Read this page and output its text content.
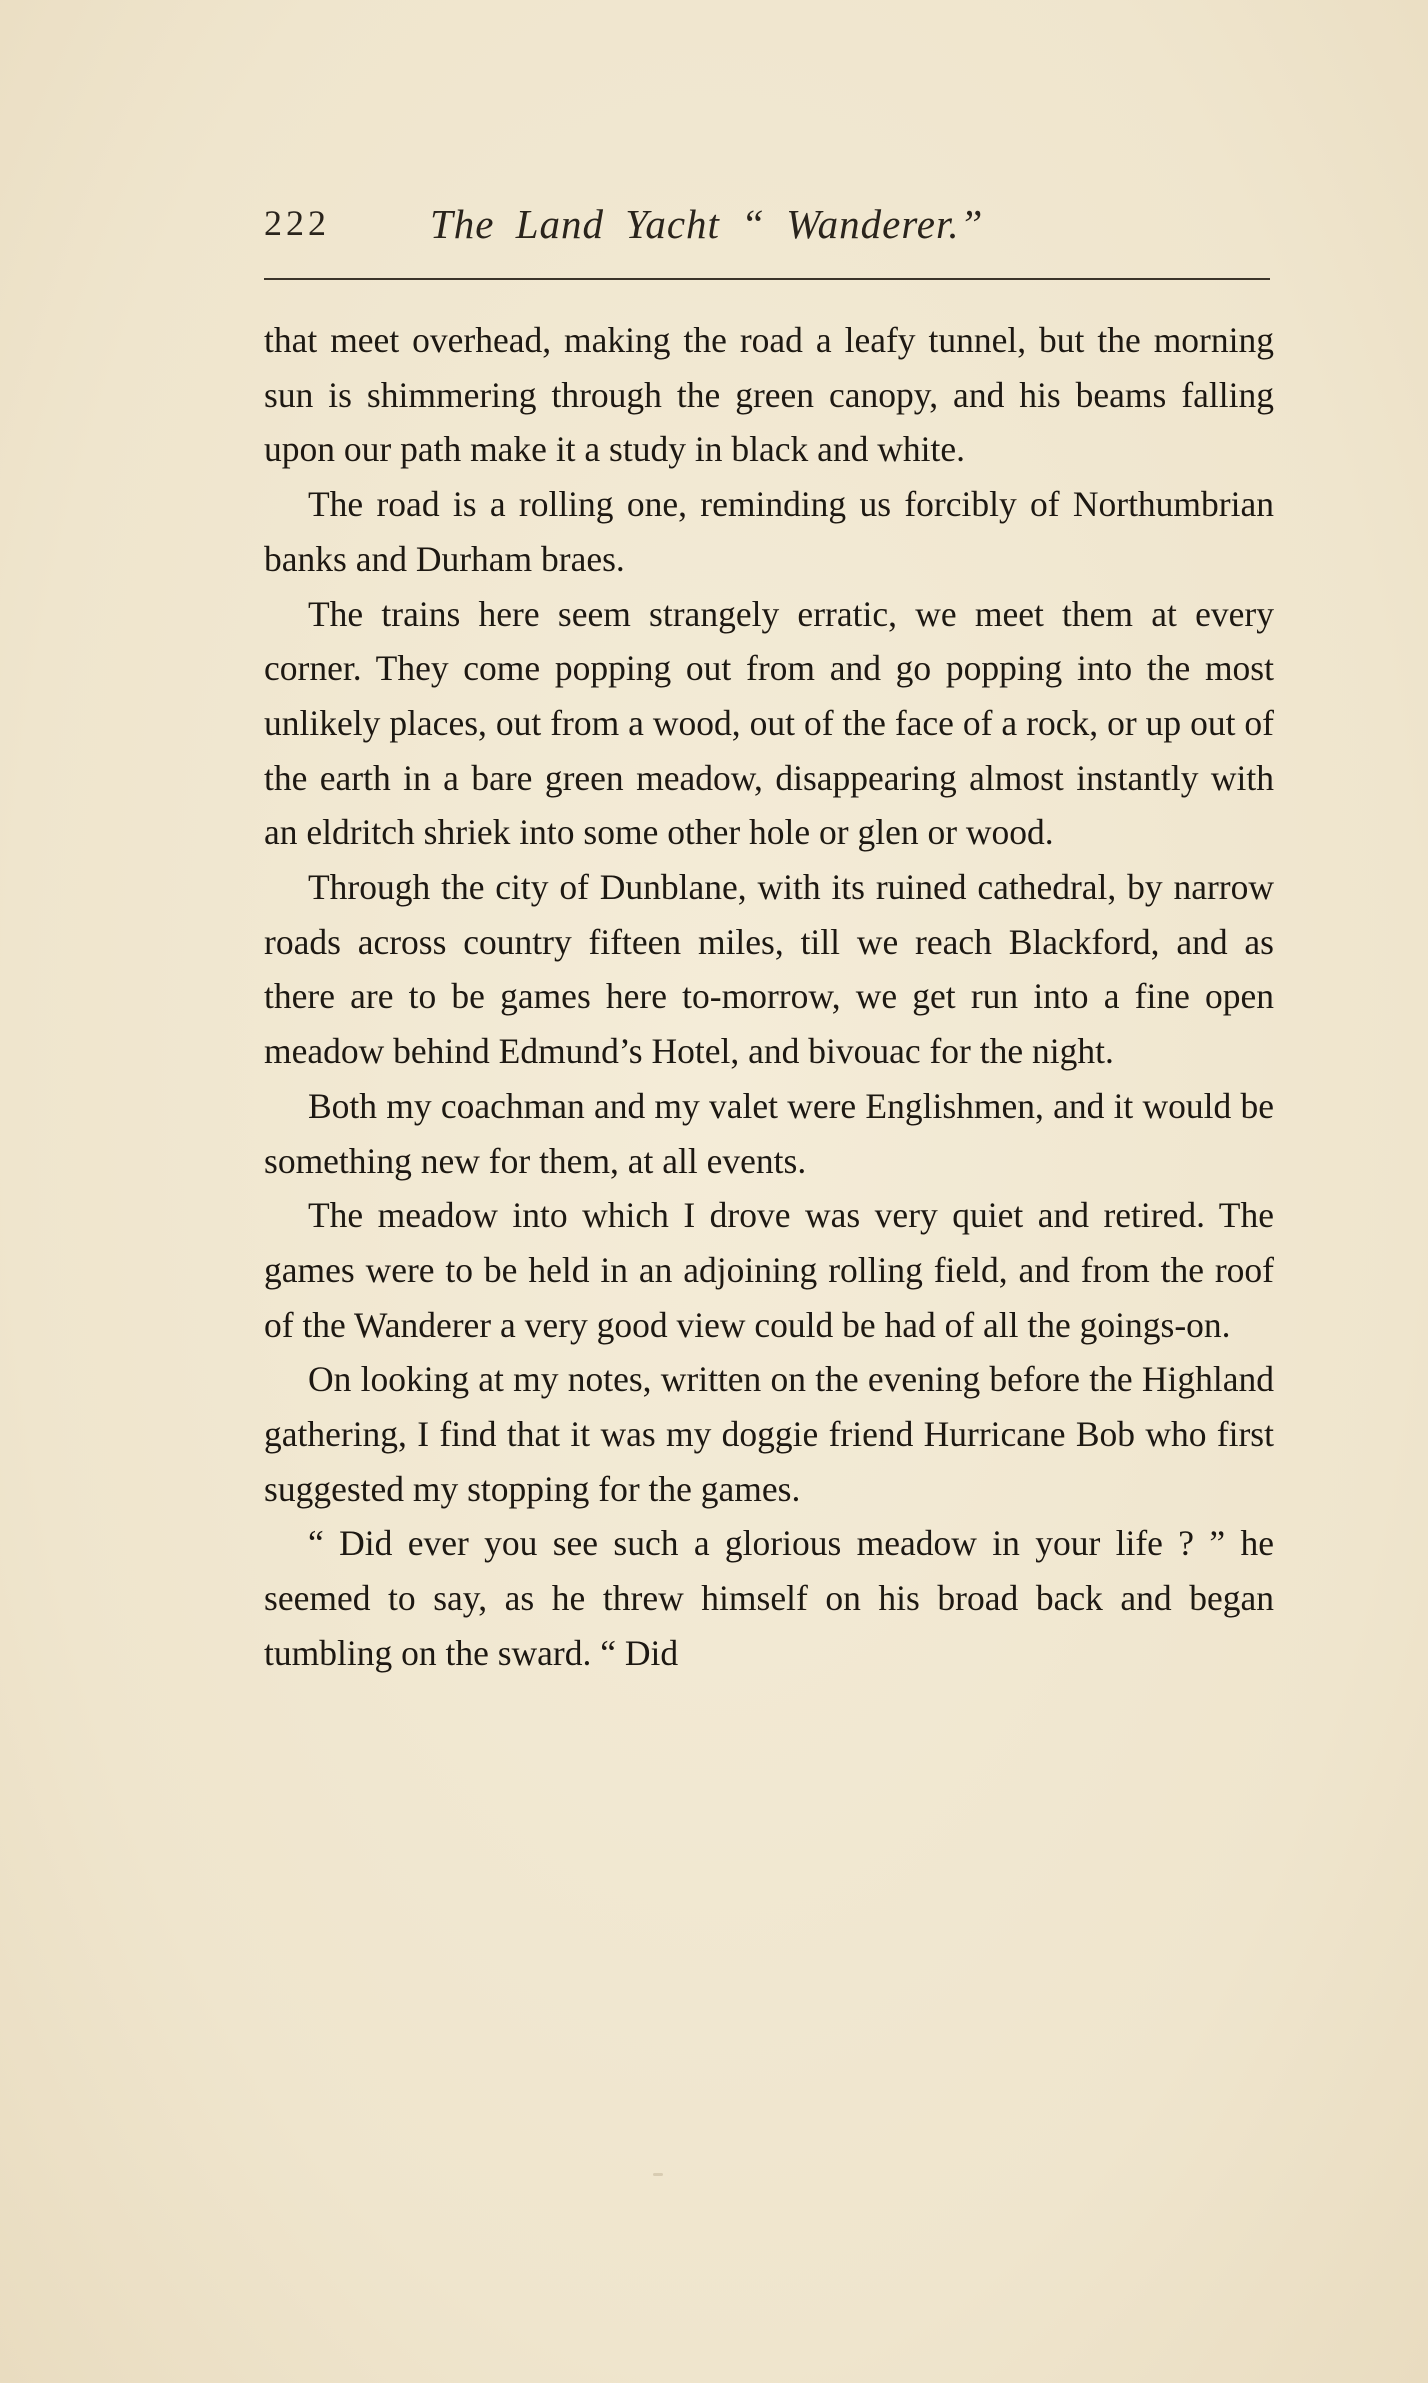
222 The Land Yacht “ Wanderer.”

that meet overhead, making the road a leafy tunnel, but the morning sun is shimmering through the green canopy, and his beams falling upon our path make it a study in black and white.

The road is a rolling one, reminding us forcibly of Northumbrian banks and Durham braes.

The trains here seem strangely erratic, we meet them at every corner. They come popping out from and go popping into the most unlikely places, out from a wood, out of the face of a rock, or up out of the earth in a bare green meadow, disappearing almost instantly with an eldritch shriek into some other hole or glen or wood.

Through the city of Dunblane, with its ruined cathedral, by narrow roads across country fifteen miles, till we reach Blackford, and as there are to be games here to-morrow, we get run into a fine open meadow behind Edmund’s Hotel, and bivouac for the night.

Both my coachman and my valet were Englishmen, and it would be something new for them, at all events.

The meadow into which I drove was very quiet and retired. The games were to be held in an adjoining rolling field, and from the roof of the Wanderer a very good view could be had of all the goings-on.

On looking at my notes, written on the evening before the Highland gathering, I find that it was my doggie friend Hurricane Bob who first suggested my stopping for the games.

“ Did ever you see such a glorious meadow in your life ? ” he seemed to say, as he threw himself on his broad back and began tumbling on the sward. “ Did
